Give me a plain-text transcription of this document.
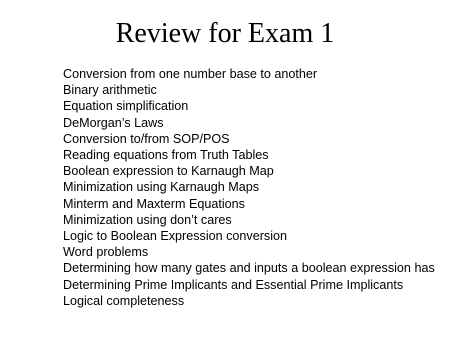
Review for Exam 1
Conversion from one number base to another
Binary arithmetic
Equation simplification
DeMorgan’s Laws
Conversion to/from SOP/POS
Reading equations from Truth Tables
Boolean expression to Karnaugh Map
Minimization using Karnaugh Maps
Minterm and Maxterm Equations
Minimization using don’t cares
Logic to Boolean Expression conversion
Word problems
Determining how many gates and inputs a boolean expression has
Determining Prime Implicants and Essential Prime Implicants
Logical completeness
